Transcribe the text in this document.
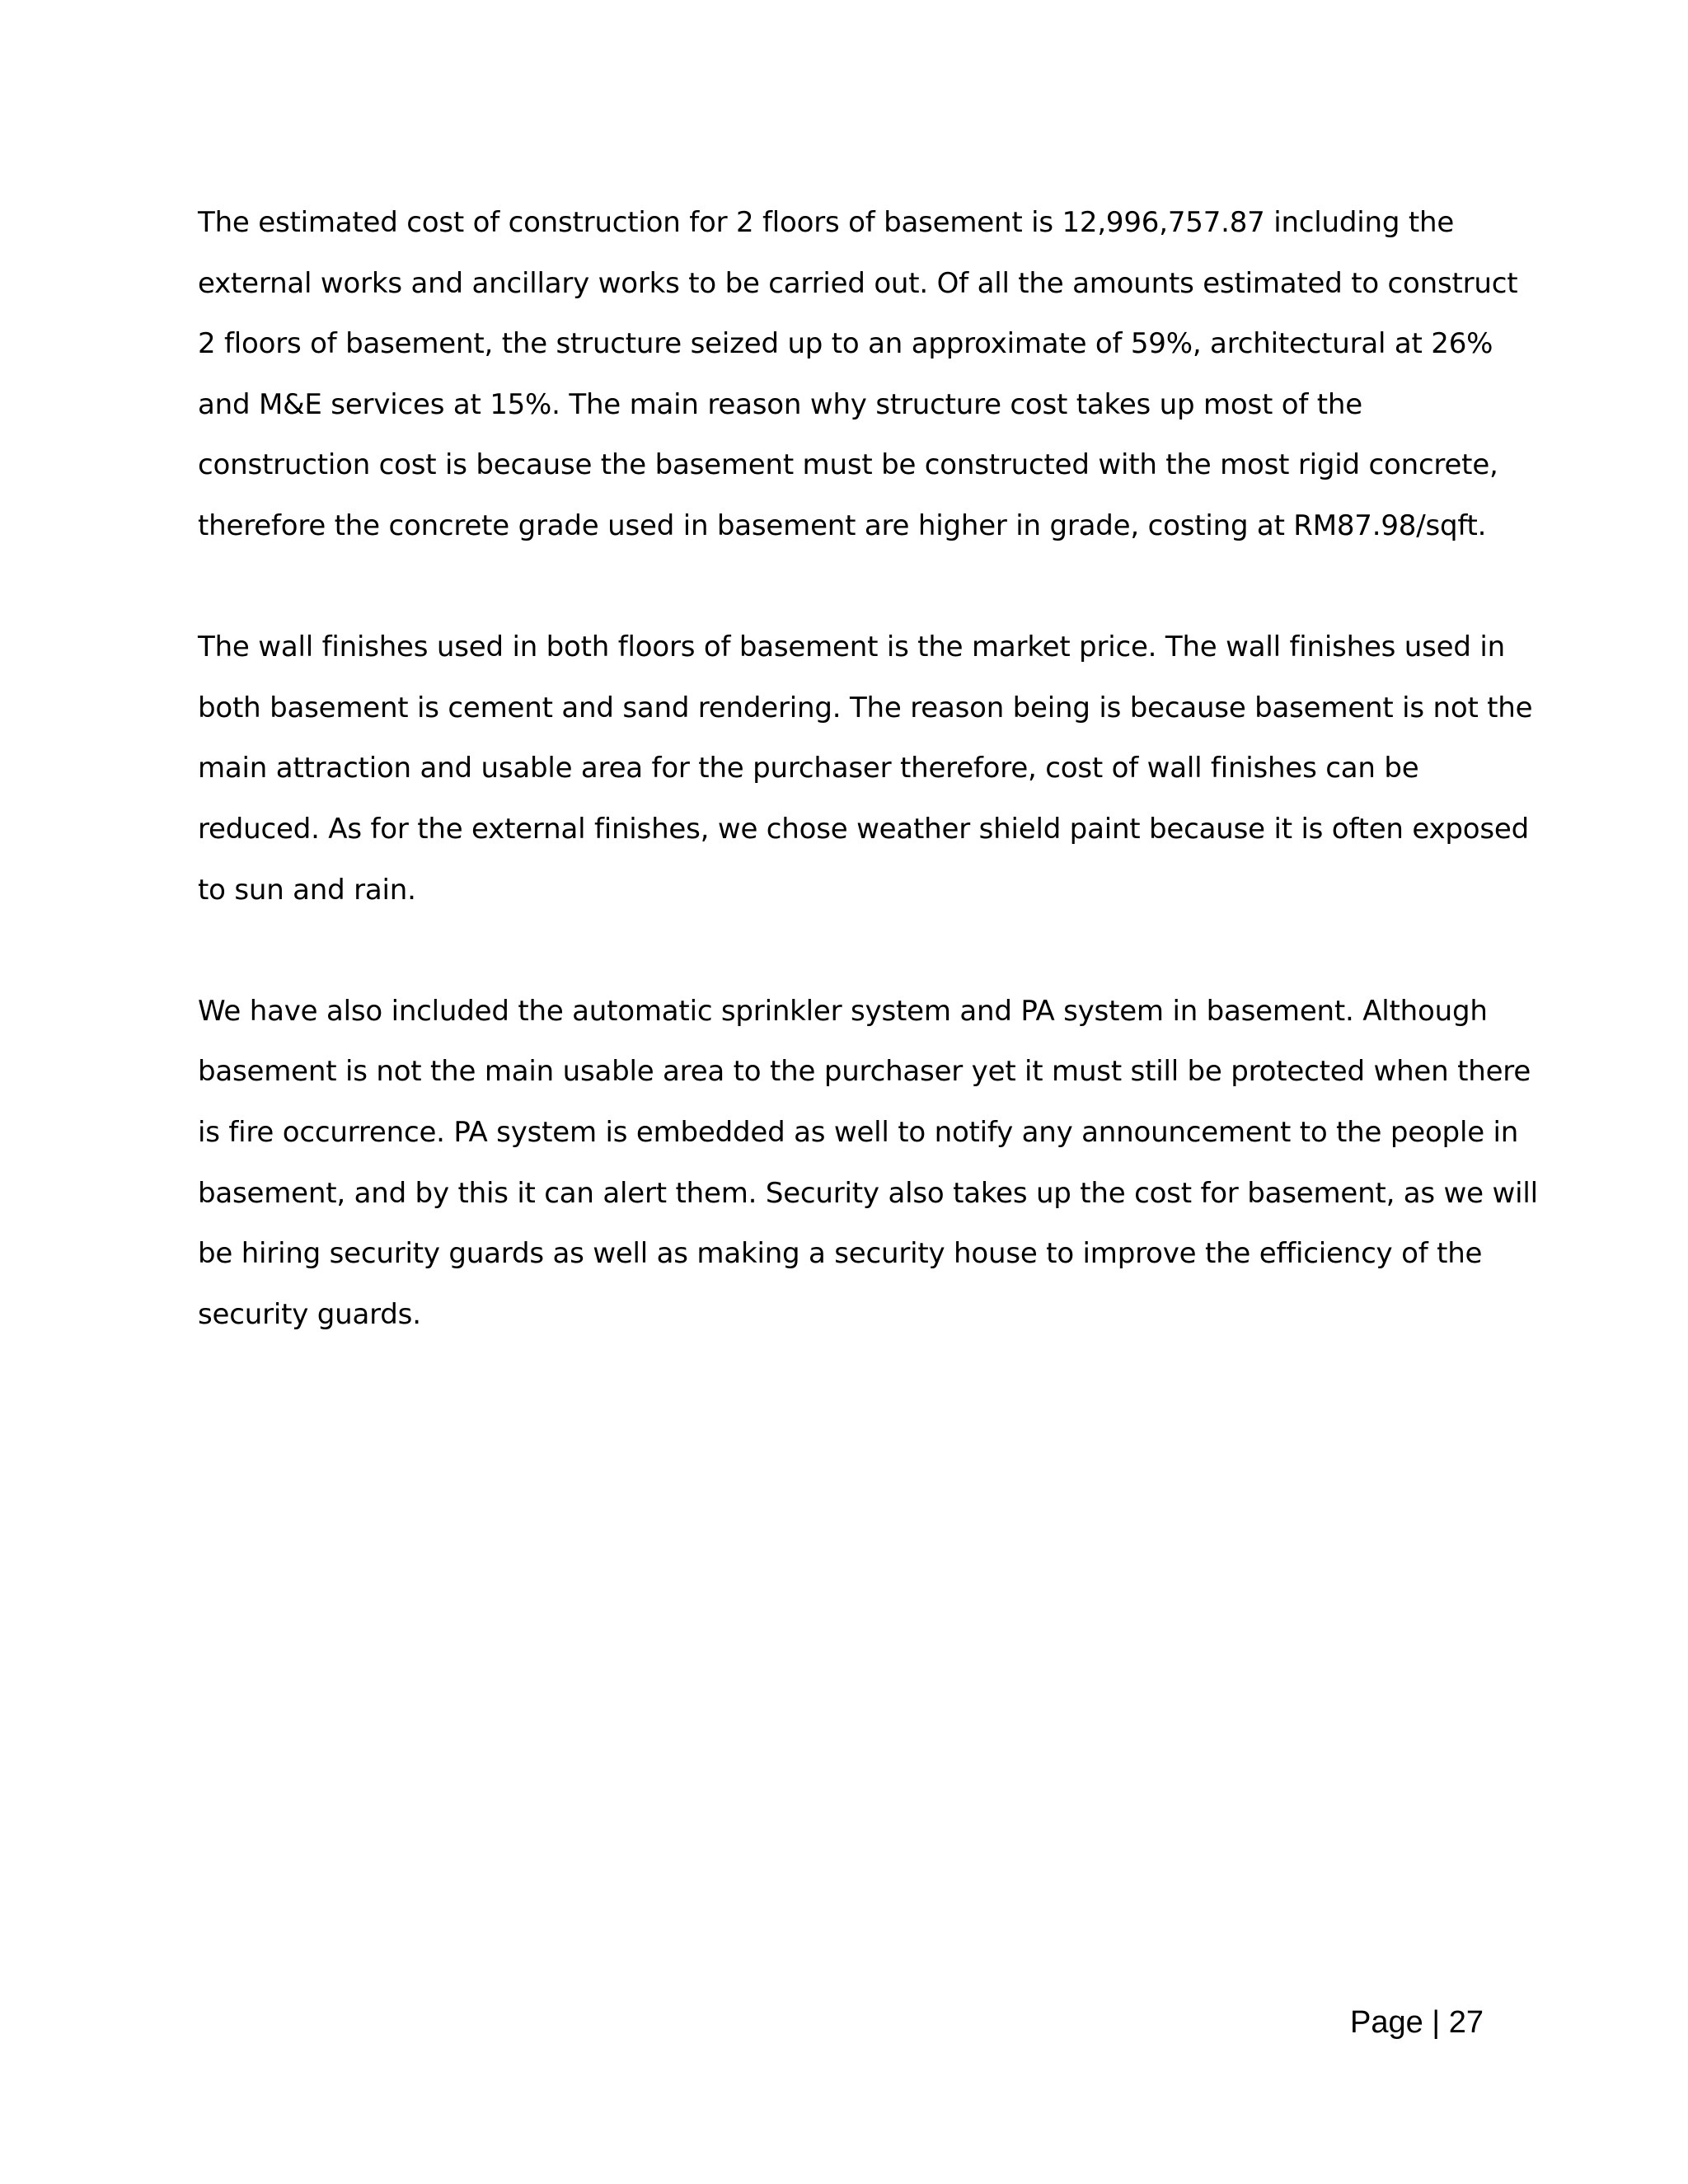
The estimated cost of construction for 2 floors of basement is 12,996,757.87 including the
external works and ancillary works to be carried out. Of all the amounts estimated to construct
2 floors of basement, the structure seized up to an approximate of 59%, architectural at 26%
and M&E services at 15%. The main reason why structure cost takes up most of the
construction cost is because the basement must be constructed with the most rigid concrete,
therefore the concrete grade used in basement are higher in grade, costing at RM87.98/sqft.

The wall finishes used in both floors of basement is the market price. The wall finishes used in
both basement is cement and sand rendering. The reason being is because basement is not the
main attraction and usable area for the purchaser therefore, cost of wall finishes can be
reduced. As for the external finishes, we chose weather shield paint because it is often exposed
to sun and rain.

We have also included the automatic sprinkler system and PA system in basement. Although
basement is not the main usable area to the purchaser yet it must still be protected when there
is fire occurrence. PA system is embedded as well to notify any announcement to the people in
basement, and by this it can alert them. Security also takes up the cost for basement, as we will
be hiring security guards as well as making a security house to improve the efficiency of the
security guards.

Page | 27
